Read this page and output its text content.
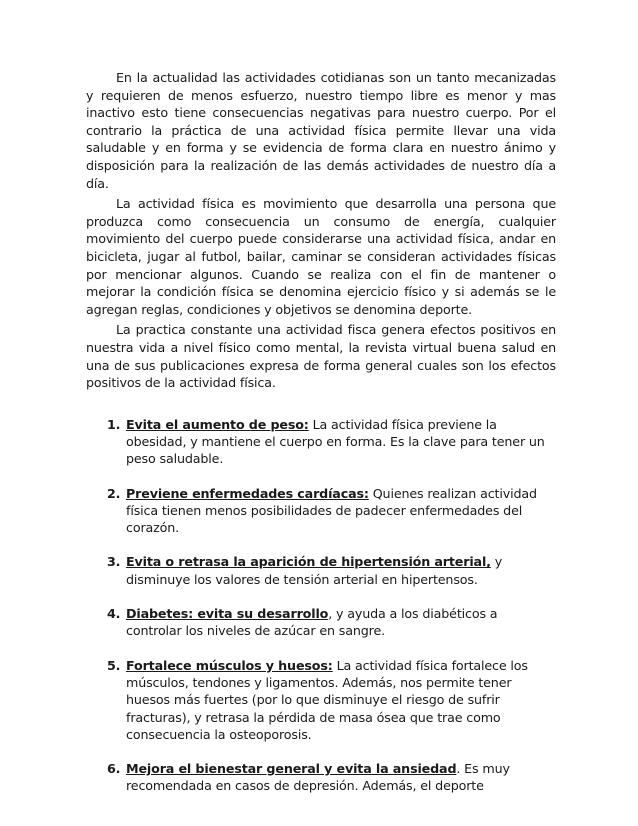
En la actualidad las actividades cotidianas son un tanto mecanizadas y requieren de menos esfuerzo, nuestro tiempo libre es menor y mas inactivo esto tiene consecuencias negativas para nuestro cuerpo. Por el contrario la práctica de una actividad física permite llevar una vida saludable y en forma y se evidencia de forma clara en nuestro ánimo y disposición para la realización de las demás actividades de nuestro día a día.

La actividad física es movimiento que desarrolla una persona que produzca como consecuencia un consumo de energía, cualquier movimiento del cuerpo puede considerarse una actividad física, andar en bicicleta, jugar al futbol, bailar, caminar se consideran actividades físicas por mencionar algunos. Cuando se realiza con el fin de mantener o mejorar la condición física se denomina ejercicio físico y si además se le agregan reglas, condiciones y objetivos se denomina deporte.

La practica constante una actividad fisca genera efectos positivos en nuestra vida a nivel físico como mental, la revista virtual buena salud en una de sus publicaciones expresa de forma general cuales son los efectos positivos de la actividad física.

1. Evita el aumento de peso: La actividad física previene la obesidad, y mantiene el cuerpo en forma. Es la clave para tener un peso saludable.
2. Previene enfermedades cardíacas: Quienes realizan actividad física tienen menos posibilidades de padecer enfermedades del corazón.
3. Evita o retrasa la aparición de hipertensión arterial, y disminuye los valores de tensión arterial en hipertensos.
4. Diabetes: evita su desarrollo, y ayuda a los diabéticos a controlar los niveles de azúcar en sangre.
5. Fortalece músculos y huesos: La actividad física fortalece los músculos, tendones y ligamentos. Además, nos permite tener huesos más fuertes (por lo que disminuye el riesgo de sufrir fracturas), y retrasa la pérdida de masa ósea que trae como consecuencia la osteoporosis.
6. Mejora el bienestar general y evita la ansiedad. Es muy recomendada en casos de depresión. Además, el deporte
